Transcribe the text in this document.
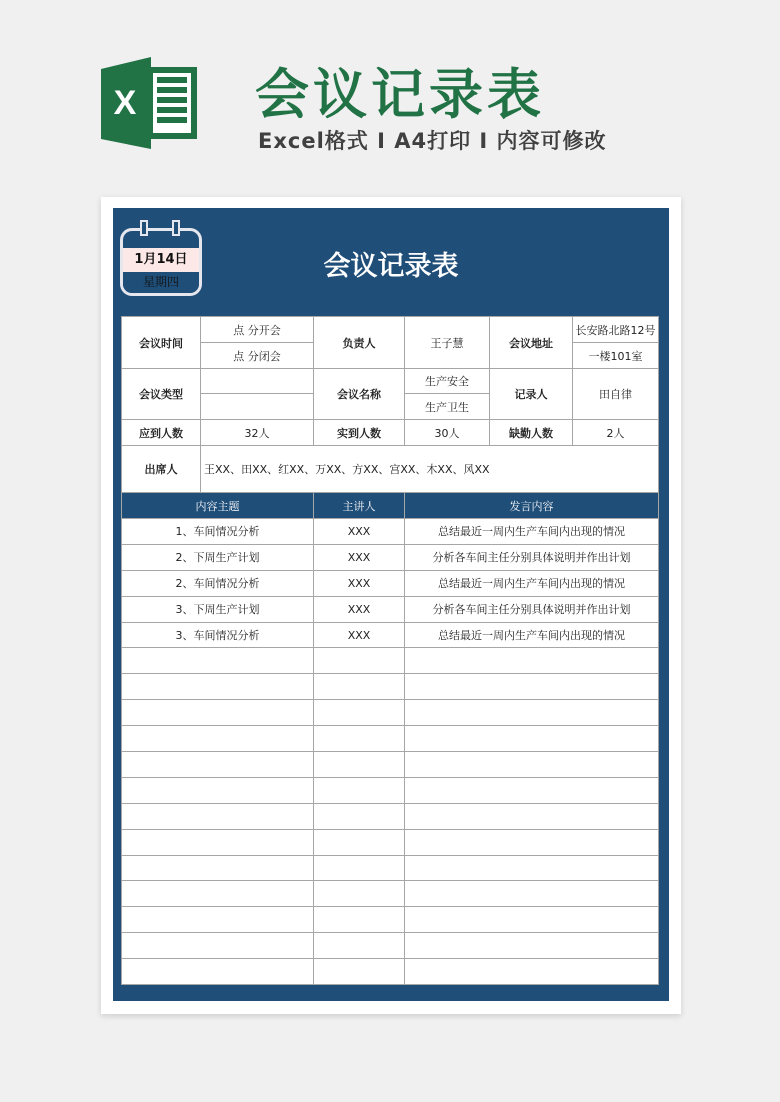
X 会议记录表
Excel格式 I A4打印 I 内容可修改
1月14日
星期四	会议记录表
会议时间	点 分开会	负责人	王子慧	会议地址	长安路北路12号
	点 分闭会				一楼101室
会议类型		会议名称	生产安全	记录人	田自律
			生产卫生		
应到人数	32人	实到人数	30人	缺勤人数	2人
出席人	王XX、田XX、红XX、万XX、方XX、宫XX、木XX、风XX				
内容主题	主讲人	发言内容
1、车间情况分析	XXX	总结最近一周内生产车间内出现的情况
2、下周生产计划	XXX	分析各车间主任分别具体说明并作出计划
2、车间情况分析	XXX	总结最近一周内生产车间内出现的情况
3、下周生产计划	XXX	分析各车间主任分别具体说明并作出计划
3、车间情况分析	XXX	总结最近一周内生产车间内出现的情况
